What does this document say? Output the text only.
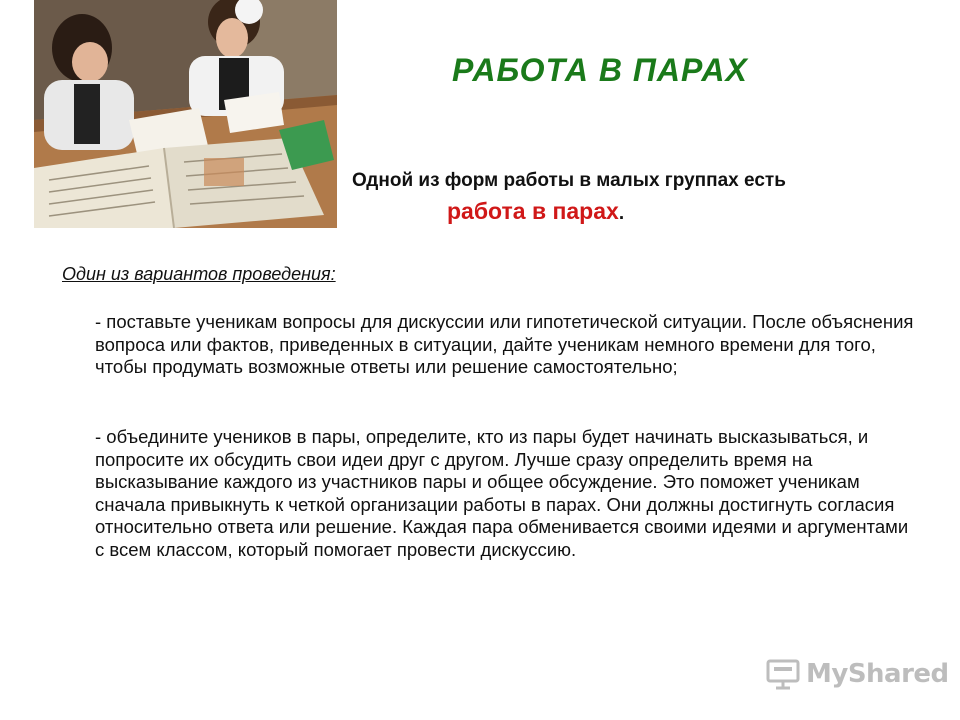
РАБОТА В ПАРАХ
Одной из форм работы в малых группах есть
работа в парах.
Один из вариантов проведения:

- поставьте ученикам вопросы для дискуссии или гипотетической ситуации. После объяснения вопроса или фактов, приведенных в ситуации, дайте ученикам немного времени для того, чтобы продумать возможные ответы или решение самостоятельно;

- объедините учеников в пары, определите, кто из пары будет начинать высказываться, и попросите их обсудить свои идеи друг с другом. Лучше сразу определить время на высказывание каждого из участников пары и общее обсуждение. Это поможет ученикам сначала привыкнуть к четкой организации работы в парах. Они должны достигнуть согласия относительно ответа или решение. Каждая пара обменивается своими идеями и аргументами с всем классом, который помогает провести дискуссию.

MyShared
